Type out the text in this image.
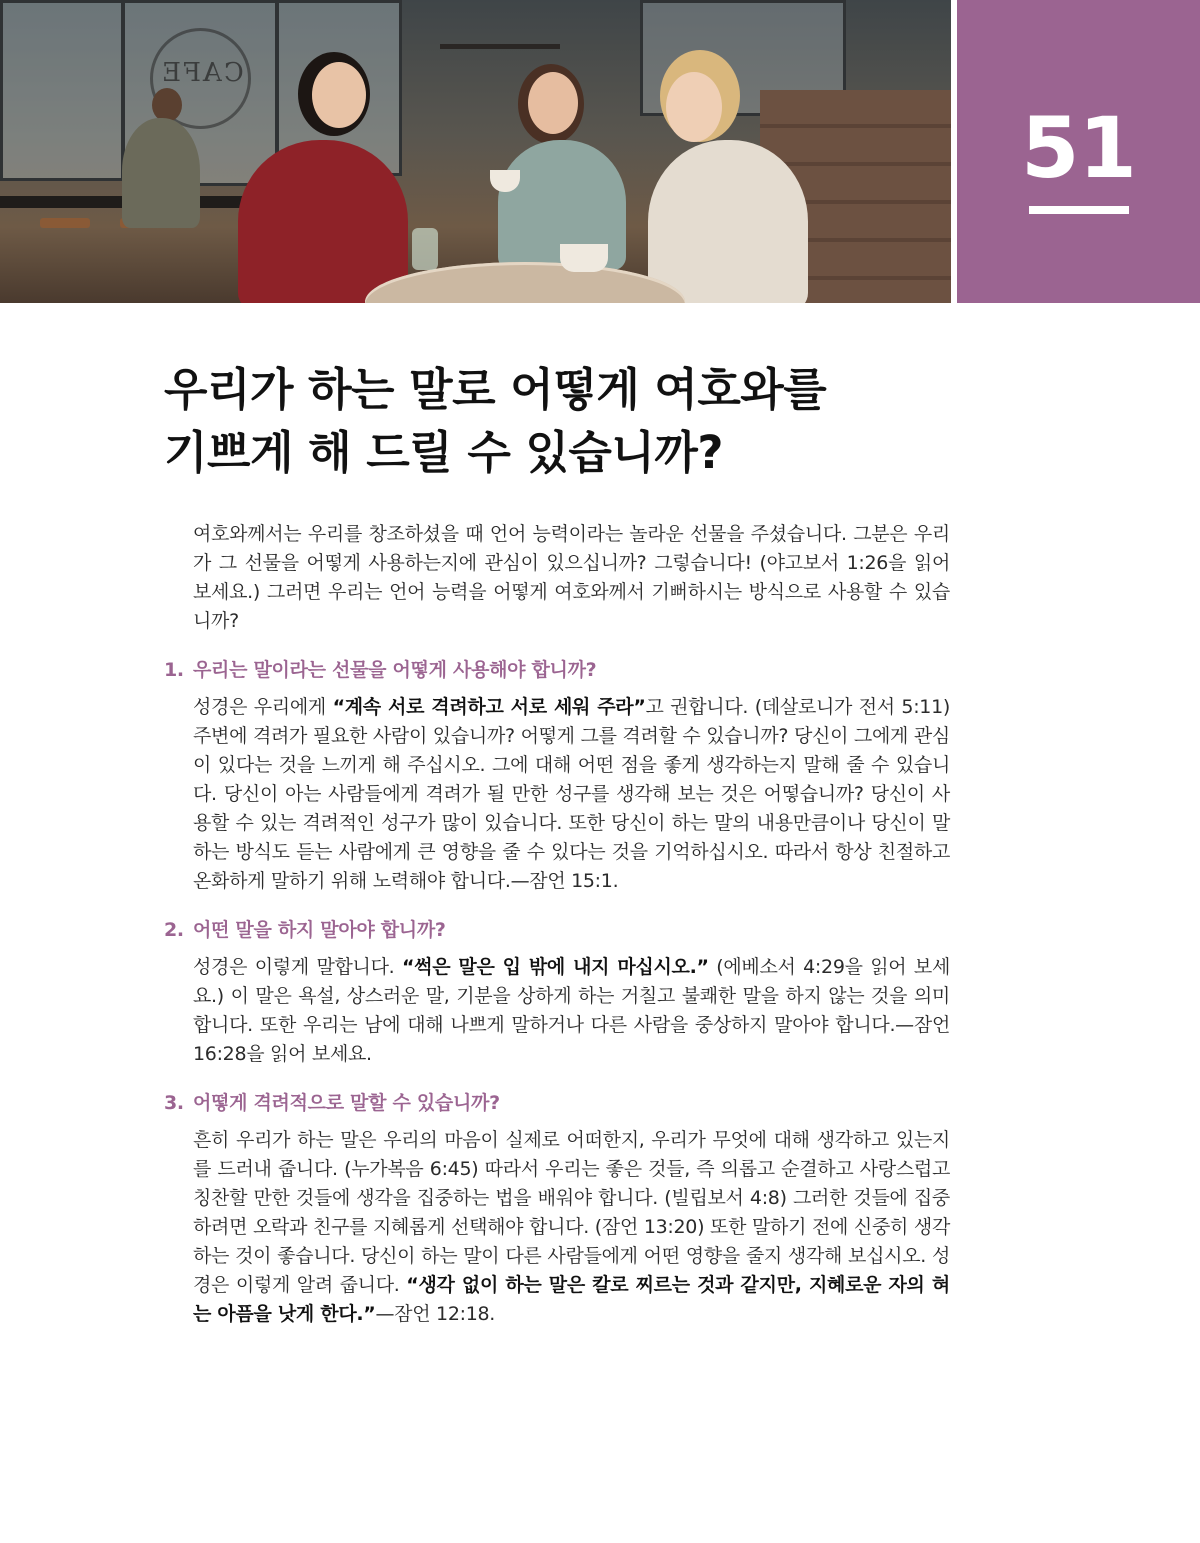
CAFE
51
우리가 하는 말로 어떻게 여호와를
기쁘게 해 드릴 수 있습니까?

여호와께서는 우리를 창조하셨을 때 언어 능력이라는 놀라운 선물을 주셨습니다. 그분은 우리가 그 선물을 어떻게 사용하는지에 관심이 있으십니까? 그렇습니다! (야고보서 1:26을 읽어 보세요.) 그러면 우리는 언어 능력을 어떻게 여호와께서 기뻐하시는 방식으로 사용할 수 있습니까?

1. 우리는 말이라는 선물을 어떻게 사용해야 합니까?

성경은 우리에게 “계속 서로 격려하고 서로 세워 주라”고 권합니다. (데살로니가 전서 5:11) 주변에 격려가 필요한 사람이 있습니까? 어떻게 그를 격려할 수 있습니까? 당신이 그에게 관심이 있다는 것을 느끼게 해 주십시오. 그에 대해 어떤 점을 좋게 생각하는지 말해 줄 수 있습니다. 당신이 아는 사람들에게 격려가 될 만한 성구를 생각해 보는 것은 어떻습니까? 당신이 사용할 수 있는 격려적인 성구가 많이 있습니다. 또한 당신이 하는 말의 내용만큼이나 당신이 말하는 방식도 듣는 사람에게 큰 영향을 줄 수 있다는 것을 기억하십시오. 따라서 항상 친절하고 온화하게 말하기 위해 노력해야 합니다.—잠언 15:1.

2. 어떤 말을 하지 말아야 합니까?

성경은 이렇게 말합니다. “썩은 말은 입 밖에 내지 마십시오.” (에베소서 4:29을 읽어 보세요.) 이 말은 욕설, 상스러운 말, 기분을 상하게 하는 거칠고 불쾌한 말을 하지 않는 것을 의미합니다. 또한 우리는 남에 대해 나쁘게 말하거나 다른 사람을 중상하지 말아야 합니다.—잠언 16:28을 읽어 보세요.

3. 어떻게 격려적으로 말할 수 있습니까?

흔히 우리가 하는 말은 우리의 마음이 실제로 어떠한지, 우리가 무엇에 대해 생각하고 있는지를 드러내 줍니다. (누가복음 6:45) 따라서 우리는 좋은 것들, 즉 의롭고 순결하고 사랑스럽고 칭찬할 만한 것들에 생각을 집중하는 법을 배워야 합니다. (빌립보서 4:8) 그러한 것들에 집중하려면 오락과 친구를 지혜롭게 선택해야 합니다. (잠언 13:20) 또한 말하기 전에 신중히 생각하는 것이 좋습니다. 당신이 하는 말이 다른 사람들에게 어떤 영향을 줄지 생각해 보십시오. 성경은 이렇게 알려 줍니다. “생각 없이 하는 말은 칼로 찌르는 것과 같지만, 지혜로운 자의 혀는 아픔을 낫게 한다.”—잠언 12:18.
